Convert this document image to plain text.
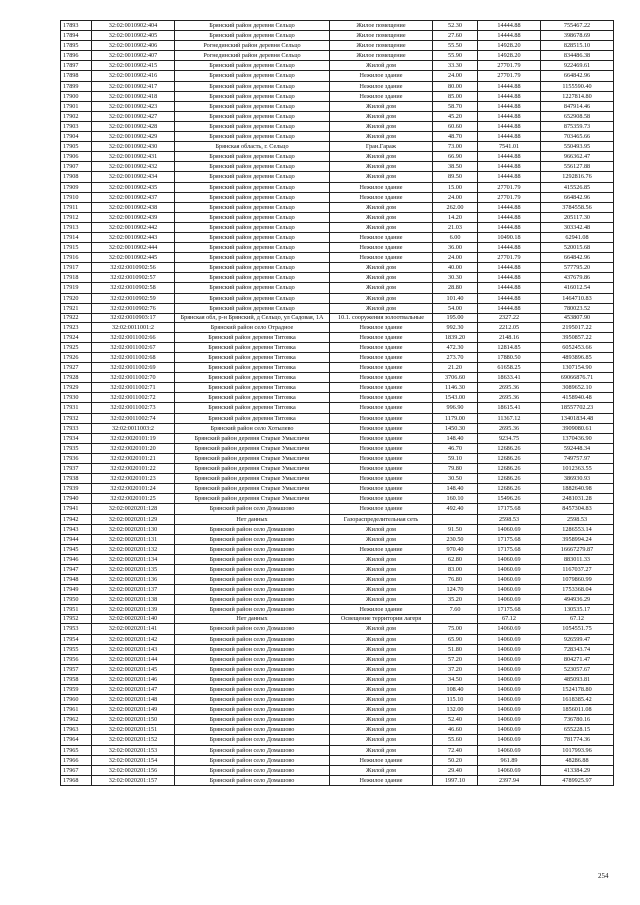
17893	32:02:0010902:404	Брянский район деревня Сельцо	Жилое помещение	52.30	14444.88	755467.22
17894	32:02:0010902:405	Брянский район деревня Сельцо	Жилое помещение	27.60	14444.88	398678.69
17895	32:02:0010902:406	Рогнединский район деревня Сельцо	Жилое помещение	55.50	14928.20	828515.10
17896	32:02:0010902:407	Рогнединский район деревня Сельцо	Жилое помещение	55.90	14928.20	834486.38
17897	32:02:0010902:415	Брянский район деревня Сельцо	Жилой дом	33.30	27701.79	922469.61
17898	32:02:0010902:416	Брянский район деревня Сельцо	Нежилое здание	24.00	27701.79	664842.96
17899	32:02:0010902:417	Брянский район деревня Сельцо	Нежилое здание	80.00	14444.88	1155590.40
17900	32:02:0010902:418	Брянский район деревня Сельцо	Нежилое здание	85.00	14444.88	1227814.80
17901	32:02:0010902:423	Брянский район деревня Сельцо	Жилой дом	58.70	14444.88	847914.46
17902	32:02:0010902:427	Брянский район деревня Сельцо	Жилой дом	45.20	14444.88	652908.58
17903	32:02:0010902:428	Брянский район деревня Сельцо	Жилой дом	60.60	14444.88	875359.73
17904	32:02:0010902:429	Брянский район деревня Сельцо	Жилой дом	48.70	14444.88	703465.66
17905	32:02:0010902:430	Брянская область, г. Сельцо	Гран.Гараж	73.00	7541.01	550493.95
17906	32:02:0010902:431	Брянский район деревня Сельцо	Жилой дом	66.90	14444.88	966362.47
17907	32:02:0010902:432	Брянский район деревня Сельцо	Жилой дом	38.50	14444.88	556127.88
17908	32:02:0010902:434	Брянский район деревня Сельцо	Жилой дом	89.50	14444.88	1292816.76
17909	32:02:0010902:435	Брянский район деревня Сельцо	Нежилое здание	15.00	27701.79	415526.85
17910	32:02:0010902:437	Брянский район деревня Сельцо	Нежилое здание	24.00	27701.79	664842.96
17911	32:02:0010902:438	Брянский район деревня Сельцо	Жилой дом	262.00	14444.88	3784558.56
17912	32:02:0010902:439	Брянский район деревня Сельцо	Жилой дом	14.20	14444.88	205117.30
17913	32:02:0010902:442	Брянский район деревня Сельцо	Жилой дом	21.03	14444.88	303342.48
17914	32:02:0010902:443	Брянский район деревня Сельцо	Нежилое здание	6.00	10490.18	62941.08
17915	32:02:0010902:444	Брянский район деревня Сельцо	Нежилое здание	36.00	14444.88	520015.68
17916	32:02:0010902:445	Брянский район деревня Сельцо	Нежилое здание	24.00	27701.79	664842.96
17917	32:02:0010902:56	Брянский район деревня Сельцо	Жилой дом	40.00	14444.88	577795.20
17918	32:02:0010902:57	Брянский район деревня Сельцо	Жилой дом	30.30	14444.88	437679.86
17919	32:02:0010902:58	Брянский район деревня Сельцо	Жилой дом	28.80	14444.88	416012.54
17920	32:02:0010902:59	Брянский район деревня Сельцо	Жилой дом	101.40	14444.88	1464710.83
17921	32:02:0010902:76	Брянский район деревня Сельцо	Жилой дом	54.00	14444.88	780023.52
17922	32:02:0010903:17	Брянская обл, р-н Брянский, д Сельцо, ул Садовая, 1А	10.1. сооружения золоотвальные	195.00	2327.22	453807.90
17923	32:02:0011001:2	Брянский район село Отрадное	Нежилое здание	992.30	2212.05	2195017.22
17924	32:02:0011002:66	Брянский район деревня Титовка	Нежилое здание	1839.20	2148.16	3950857.22
17925	32:02:0011002:67	Брянский район деревня Титовка	Нежилое здание	472.30	12814.85	6052453.66
17926	32:02:0011002:68	Брянский район деревня Титовка	Нежилое здание	273.70	17880.50	4893896.85
17927	32:02:0011002:69	Брянский район деревня Титовка	Нежилое здание	21.20	61658.25	1307154.90
17928	32:02:0011002:70	Брянский район деревня Титовка	Нежилое здание	3706.60	18633.41	69066876.71
17929	32:02:0011002:71	Брянский район деревня Титовка	Нежилое здание	1146.30	2695.36	3089652.10
17930	32:02:0011002:72	Брянский район деревня Титовка	Нежилое здание	1543.00	2695.36	4158940.48
17931	32:02:0011002:73	Брянский район деревня Титовка	Нежилое здание	996.90	18615.41	18557702.23
17932	32:02:0011002:74	Брянский район деревня Титовка	Нежилое здание	1179.00	11367.12	13401834.48
17933	32:02:0011003:2	Брянский район село Хотылево	Нежилое здание	1450.30	2695.36	3909080.61
17934	32:02:0020101:19	Брянский район деревня Старые Умысличи	Нежилое здание	148.40	9234.75	1370436.90
17935	32:02:0020101:20	Брянский район деревня Старые Умысличи	Нежилое здание	46.70	12686.26	592448.34
17936	32:02:0020101:21	Брянский район деревня Старые Умысличи	Нежилое здание	59.10	12686.26	749757.97
17937	32:02:0020101:22	Брянский район деревня Старые Умысличи	Нежилое здание	79.80	12686.26	1012363.55
17938	32:02:0020101:23	Брянский район деревня Старые Умысличи	Нежилое здание	30.50	12686.26	386930.93
17939	32:02:0020101:24	Брянский район деревня Старые Умысличи	Нежилое здание	148.40	12686.26	1882640.98
17940	32:02:0020101:25	Брянский район деревня Старые Умысличи	Нежилое здание	160.10	15496.26	2481031.28
17941	32:02:0020201:128	Брянский район село Домашово	Нежилое здание	492.40	17175.68	8457304.83
17942	32:02:0020201:129	Нет данных	Газораспределительная сеть		2598.53	2598.53
17943	32:02:0020201:130	Брянский район село Домашово	Жилой дом	91.50	14060.69	1286553.14
17944	32:02:0020201:131	Брянский район село Домашово	Жилой дом	230.50	17175.68	3958994.24
17945	32:02:0020201:132	Брянский район село Домашово	Нежилое здание	970.40	17175.68	16667279.87
17946	32:02:0020201:134	Брянский район село Домашово	Жилой дом	62.80	14060.69	883011.33
17947	32:02:0020201:135	Брянский район село Домашово	Жилой дом	83.00	14060.69	1167037.27
17948	32:02:0020201:136	Брянский район село Домашово	Жилой дом	76.80	14060.69	1079860.99
17949	32:02:0020201:137	Брянский район село Домашово	Жилой дом	124.70	14060.69	1753368.04
17950	32:02:0020201:138	Брянский район село Домашово	Жилой дом	35.20	14060.69	494936.29
17951	32:02:0020201:139	Брянский район село Домашово	Нежилое здание	7.60	17175.68	130535.17
17952	32:02:0020201:140	Нет данных	Освещение территории лагеря		67.12	67.12
17953	32:02:0020201:141	Брянский район село Домашово	Жилой дом	75.00	14060.69	1054551.75
17954	32:02:0020201:142	Брянский район село Домашово	Жилой дом	65.90	14060.69	926599.47
17955	32:02:0020201:143	Брянский район село Домашово	Жилой дом	51.80	14060.69	728343.74
17956	32:02:0020201:144	Брянский район село Домашово	Жилой дом	57.20	14060.69	804271.47
17957	32:02:0020201:145	Брянский район село Домашово	Жилой дом	37.20	14060.69	523057.67
17958	32:02:0020201:146	Брянский район село Домашово	Жилой дом	34.50	14060.69	485093.81
17959	32:02:0020201:147	Брянский район село Домашово	Жилой дом	108.40	14060.69	1524178.80
17960	32:02:0020201:148	Брянский район село Домашово	Жилой дом	115.10	14060.69	1618385.42
17961	32:02:0020201:149	Брянский район село Домашово	Жилой дом	132.00	14060.69	1856011.08
17962	32:02:0020201:150	Брянский район село Домашово	Жилой дом	52.40	14060.69	736780.16
17963	32:02:0020201:151	Брянский район село Домашово	Жилой дом	46.60	14060.69	655228.15
17964	32:02:0020201:152	Брянский район село Домашово	Жилой дом	55.60	14060.69	781774.36
17965	32:02:0020201:153	Брянский район село Домашово	Жилой дом	72.40	14060.69	1017993.96
17966	32:02:0020201:154	Брянский район село Домашово	Нежилое здание	50.20	961.89	48286.88
17967	32:02:0020201:156	Брянский район село Домашово	Жилой дом	29.40	14060.69	413384.29
17968	32:02:0020201:157	Брянский район село Домашово	Нежилое здание	1997.10	2397.94	4789925.97
254
